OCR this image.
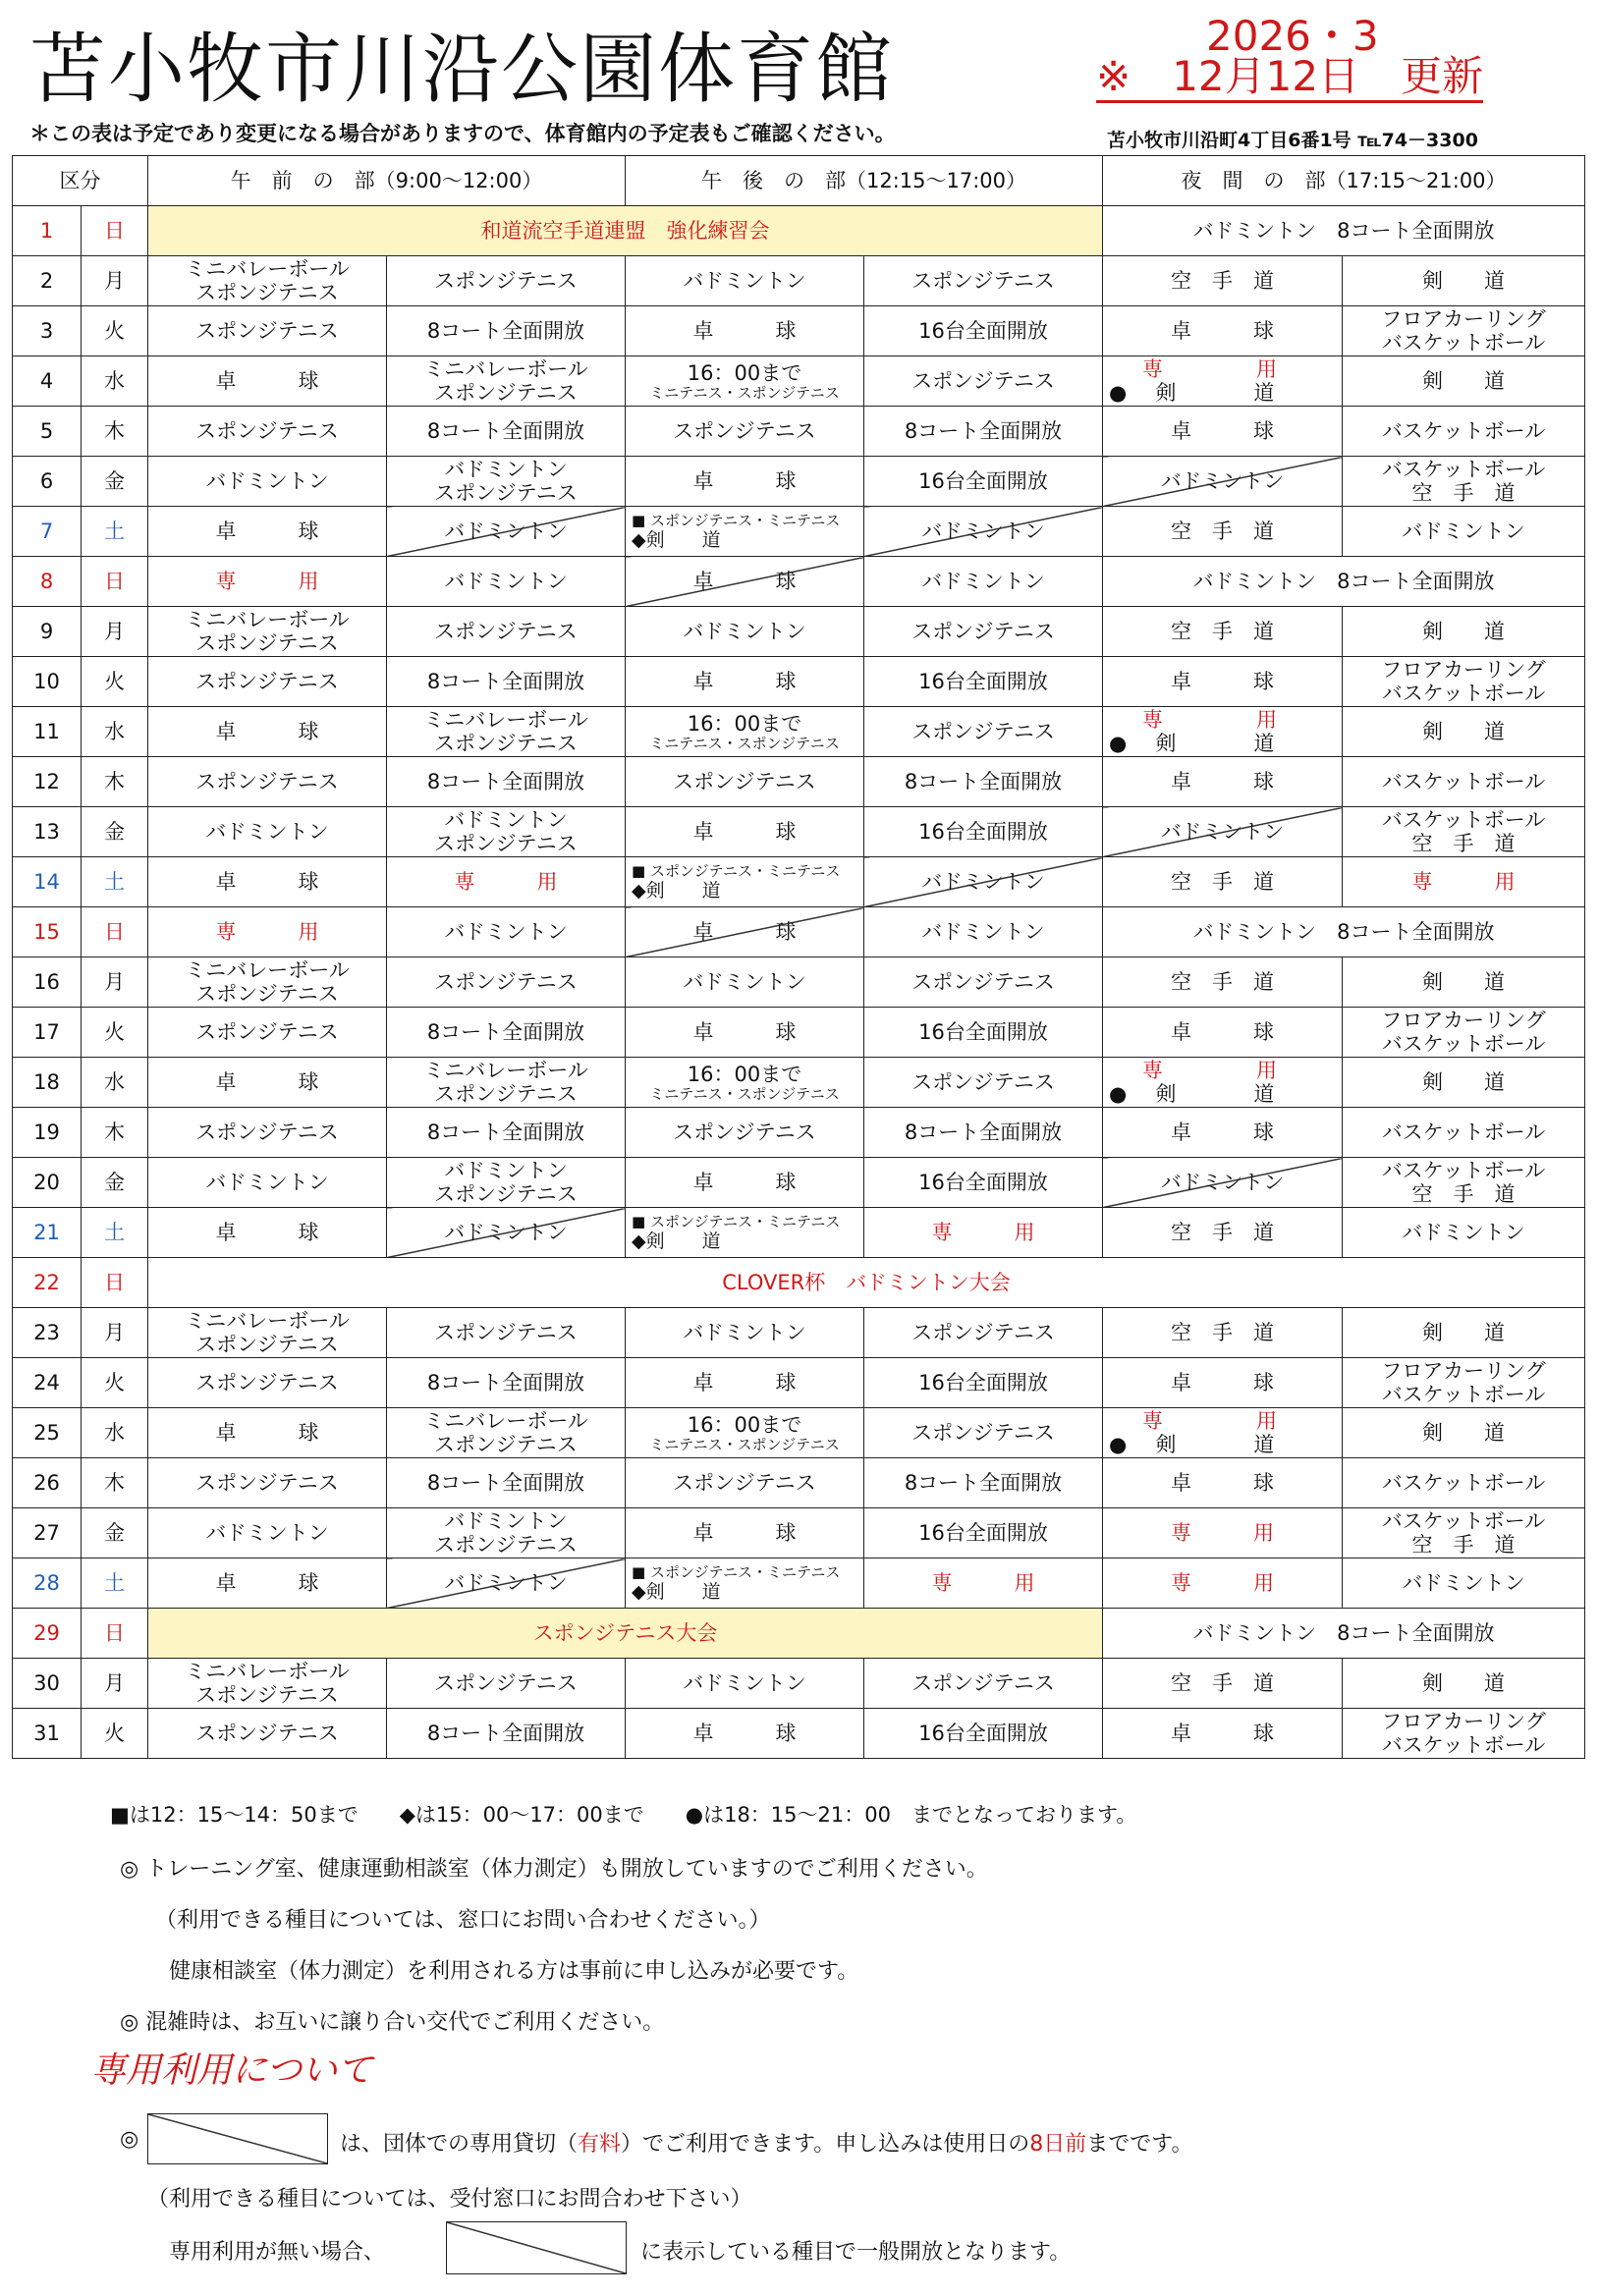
苫小牧市川沿公園体育館	2026・3
※　12月12日　更新
＊この表は予定であり変更になる場合がありますので、体育館内の予定表もご確認ください。	苫小牧市川沿町4丁目6番1号 ℡74－3300
区分		午　前　の　部（9:00～12:00）		午　後　の　部（12:15～17:00）		夜　間　の　部（17:15～21:00）	
1	日	和道流空手道連盟　強化練習会				バドミントン　8コート全面開放	
2	月	ミニバレーボール
スポンジテニス	スポンジテニス	バドミントン	スポンジテニス	空　手　道	剣　　道
3	火	スポンジテニス	8コート全面開放	卓　　　球	16台全面開放	卓　　　球	フロアカーリング
バスケットボール

4	水	卓　　　球	ミニバレーボール
スポンジテニス	16：00まで
ミニテニス・スポンジテニス	スポンジテニス	専　　　用
●　剣　　　道	剣　　道
5	木	スポンジテニス	8コート全面開放	スポンジテニス	8コート全面開放	卓　　　球	バスケットボール
6	金	バドミントン	バドミントン
スポンジテニス	卓　　　球	16台全面開放	バドミントン	バスケットボール
空　手　道

7	土	卓　　　球	バドミントン	■ スポンジテニス・ミニテニス
◆剣　　道	バドミントン	空　手　道	バドミントン
8	日	専　　　用	バドミントン	卓　　　球	バドミントン	バドミントン　8コート全面開放	
9	月	ミニバレーボール
スポンジテニス	スポンジテニス	バドミントン	スポンジテニス	空　手　道	剣　　道
10	火	スポンジテニス	8コート全面開放	卓　　　球	16台全面開放	卓　　　球	フロアカーリング
バスケットボール

11	水	卓　　　球	ミニバレーボール
スポンジテニス	16：00まで
ミニテニス・スポンジテニス	スポンジテニス	専　　　用
●　剣　　　道	剣　　道
12	木	スポンジテニス	8コート全面開放	スポンジテニス	8コート全面開放	卓　　　球	バスケットボール
13	金	バドミントン	バドミントン
スポンジテニス	卓　　　球	16台全面開放	バドミントン	バスケットボール
空　手　道

14	土	卓　　　球	専　　　用	■ スポンジテニス・ミニテニス
◆剣　　道	バドミントン	空　手　道	専　　　用
15	日	専　　　用	バドミントン	卓　　　球	バドミントン	バドミントン　8コート全面開放	
16	月	ミニバレーボール
スポンジテニス	スポンジテニス	バドミントン	スポンジテニス	空　手　道	剣　　道
17	火	スポンジテニス	8コート全面開放	卓　　　球	16台全面開放	卓　　　球	フロアカーリング
バスケットボール

18	水	卓　　　球	ミニバレーボール
スポンジテニス	16：00まで
ミニテニス・スポンジテニス	スポンジテニス	専　　　用
●　剣　　　道	剣　　道
19	木	スポンジテニス	8コート全面開放	スポンジテニス	8コート全面開放	卓　　　球	バスケットボール
20	金	バドミントン	バドミントン
スポンジテニス	卓　　　球	16台全面開放	バドミントン	バスケットボール
空　手　道

21	土	卓　　　球	バドミントン	■ スポンジテニス・ミニテニス
◆剣　　道	専　　　用	空　手　道	バドミントン
22	日	CLOVER杯　バドミントン大会					
23	月	ミニバレーボール
スポンジテニス	スポンジテニス	バドミントン	スポンジテニス	空　手　道	剣　　道
24	火	スポンジテニス	8コート全面開放	卓　　　球	16台全面開放	卓　　　球	フロアカーリング
バスケットボール

25	水	卓　　　球	ミニバレーボール
スポンジテニス	16：00まで
ミニテニス・スポンジテニス	スポンジテニス	専　　　用
●　剣　　　道	剣　　道
26	木	スポンジテニス	8コート全面開放	スポンジテニス	8コート全面開放	卓　　　球	バスケットボール
27	金	バドミントン	バドミントン
スポンジテニス	卓　　　球	16台全面開放	専　　　用	バスケットボール
空　手　道

28	土	卓　　　球	バドミントン	■ スポンジテニス・ミニテニス
◆剣　　道	専　　　用	専　　　用	バドミントン
29	日	スポンジテニス大会				バドミントン　8コート全面開放	
30	月	ミニバレーボール
スポンジテニス	スポンジテニス	バドミントン	スポンジテニス	空　手　道	剣　　道
31	火	スポンジテニス	8コート全面開放	卓　　　球	16台全面開放	卓　　　球	フロアカーリング
バスケットボール
■は12：15～14：50まで　　◆は15：00～17：00まで　　●は18：15～21：00　までとなっております。
◎ トレーニング室、健康運動相談室（体力測定）も開放していますのでご利用ください。
（利用できる種目については、窓口にお問い合わせください。）
健康相談室（体力測定）を利用される方は事前に申し込みが必要です。
◎ 混雑時は、お互いに譲り合い交代でご利用ください。
専用利用について
◎	は、団体での専用貸切（有料）でご利用できます。申し込みは使用日の8日前までです。
（利用できる種目については、受付窓口にお問合わせ下さい）
専用利用が無い場合、	に表示している種目で一般開放となります。
